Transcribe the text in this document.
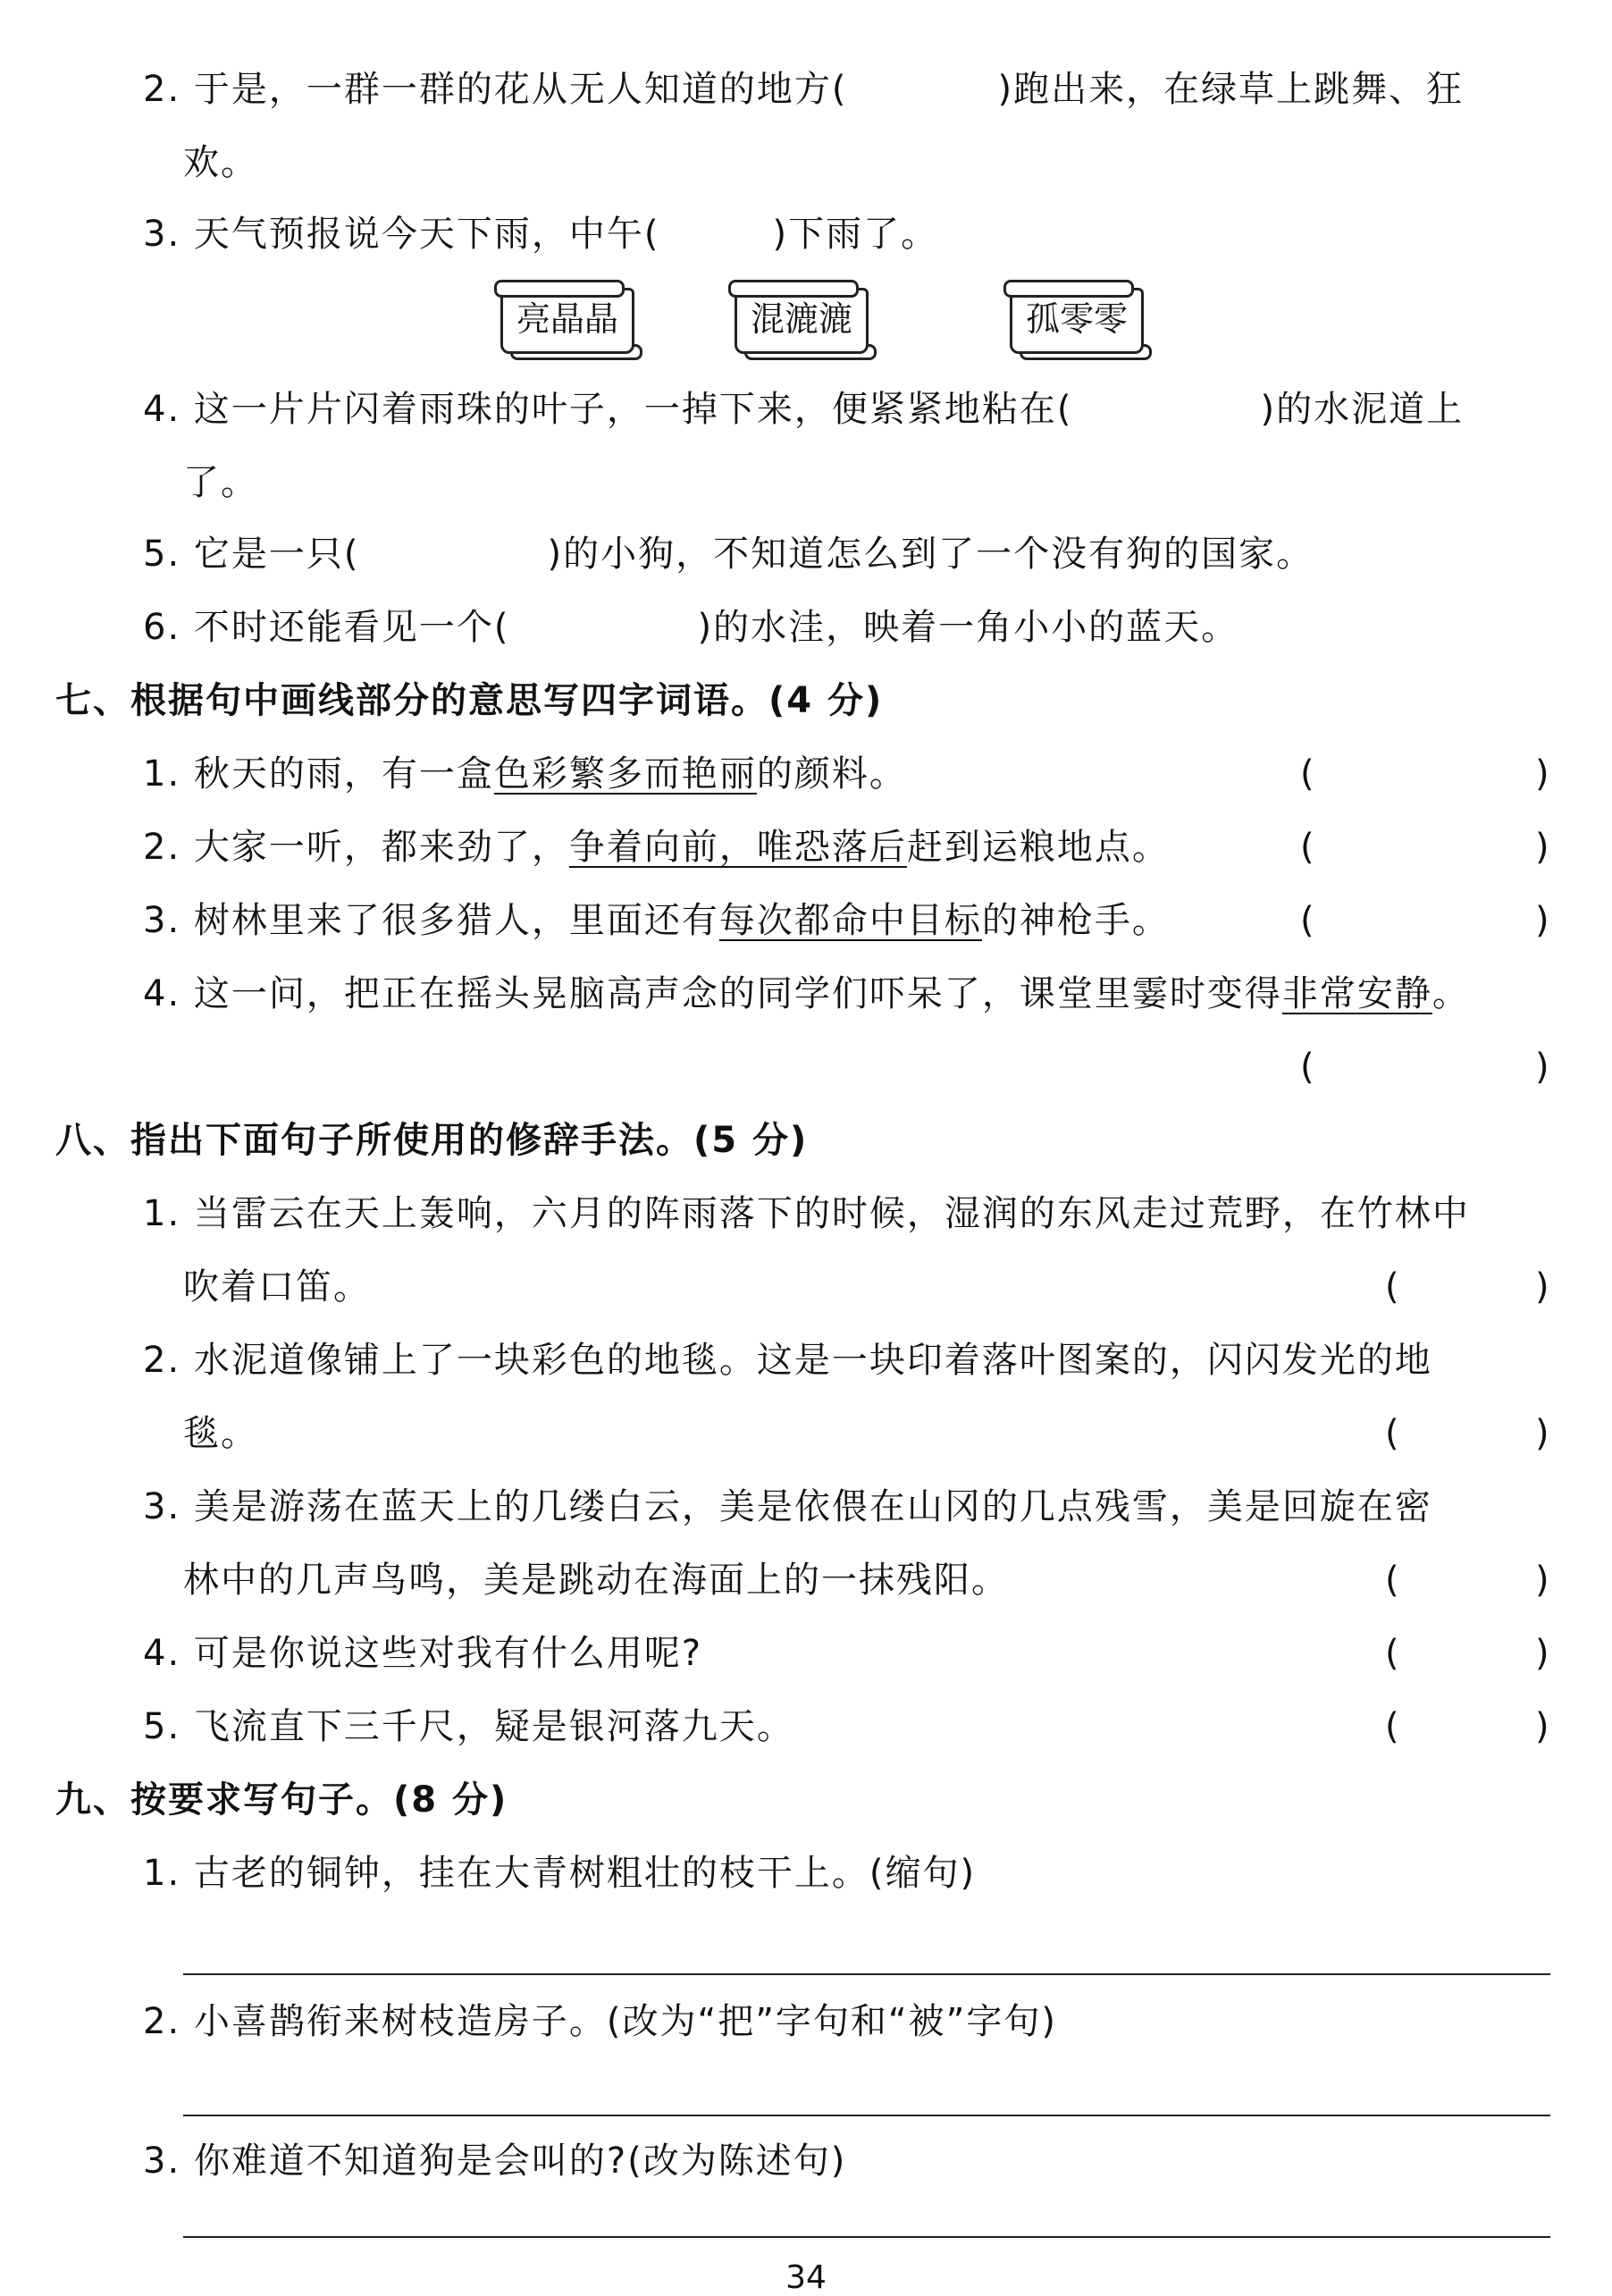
2. 于是，一群一群的花从无人知道的地方(　　　　)跑出来，在绿草上跳舞、狂
欢。
3. 天气预报说今天下雨，中午(　　　)下雨了。
亮晶晶	混漉漉	孤零零
4. 这一片片闪着雨珠的叶子，一掉下来，便紧紧地粘在(　　　　　)的水泥道上
了。
5. 它是一只(　　　　　)的小狗，不知道怎么到了一个没有狗的国家。
6. 不时还能看见一个(　　　　　)的水洼，映着一角小小的蓝天。
七、根据句中画线部分的意思写四字词语。(4 分)
1. 秋天的雨，有一盒色彩繁多而艳丽的颜料。	(	)
2. 大家一听，都来劲了，争着向前，唯恐落后赶到运粮地点。	(	)
3. 树林里来了很多猎人，里面还有每次都命中目标的神枪手。	(	)
4. 这一问，把正在摇头晃脑高声念的同学们吓呆了，课堂里霎时变得非常安静。
(	)
八、指出下面句子所使用的修辞手法。(5 分)
1. 当雷云在天上轰响，六月的阵雨落下的时候，湿润的东风走过荒野，在竹林中
吹着口笛。	(	)
2. 水泥道像铺上了一块彩色的地毯。这是一块印着落叶图案的，闪闪发光的地
毯。	(	)
3. 美是游荡在蓝天上的几缕白云，美是依偎在山冈的几点残雪，美是回旋在密
林中的几声鸟鸣，美是跳动在海面上的一抹残阳。	(	)
4. 可是你说这些对我有什么用呢?	(	)
5. 飞流直下三千尺，疑是银河落九天。	(	)
九、按要求写句子。(8 分)
1. 古老的铜钟，挂在大青树粗壮的枝干上。(缩句)
2. 小喜鹊衔来树枝造房子。(改为“把”字句和“被”字句)
3. 你难道不知道狗是会叫的?(改为陈述句)
34
